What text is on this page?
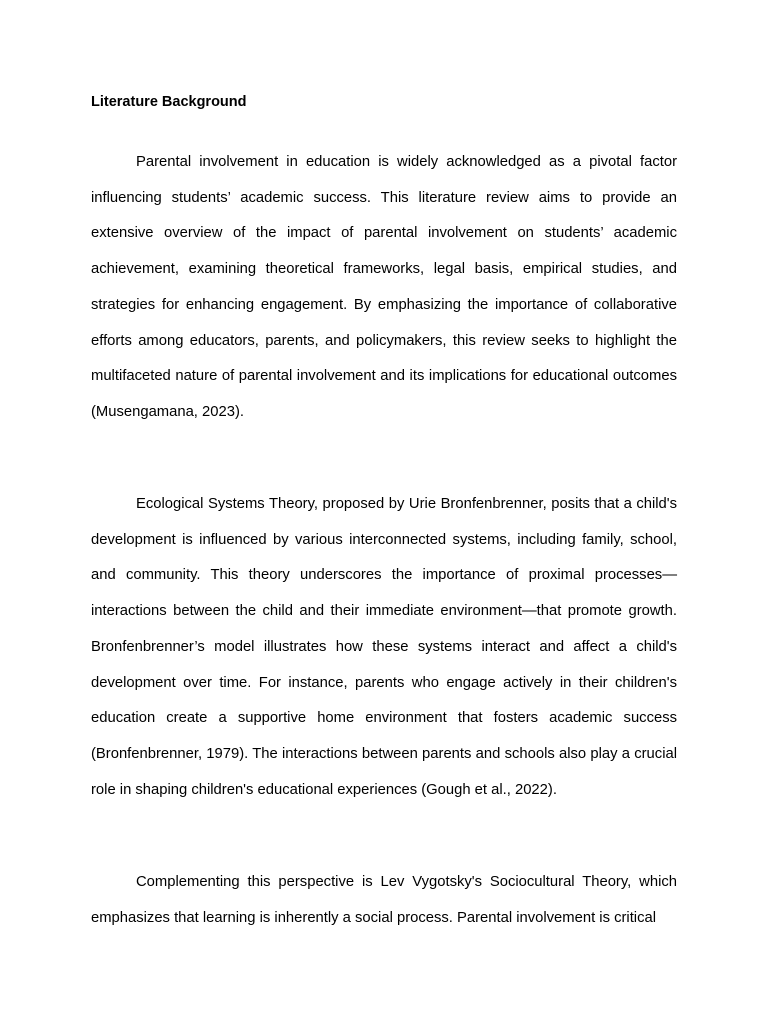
Literature Background

Parental involvement in education is widely acknowledged as a pivotal factor influencing students’ academic success. This literature review aims to provide an extensive overview of the impact of parental involvement on students’ academic achievement, examining theoretical frameworks, legal basis, empirical studies, and strategies for enhancing engagement. By emphasizing the importance of collaborative efforts among educators, parents, and policymakers, this review seeks to highlight the multifaceted nature of parental involvement and its implications for educational outcomes (Musengamana, 2023).

Ecological Systems Theory, proposed by Urie Bronfenbrenner, posits that a child's development is influenced by various interconnected systems, including family, school, and community. This theory underscores the importance of proximal processes—interactions between the child and their immediate environment—that promote growth. Bronfenbrenner’s model illustrates how these systems interact and affect a child's development over time. For instance, parents who engage actively in their children's education create a supportive home environment that fosters academic success (Bronfenbrenner, 1979). The interactions between parents and schools also play a crucial role in shaping children's educational experiences (Gough et al., 2022).

Complementing this perspective is Lev Vygotsky's Sociocultural Theory, which emphasizes that learning is inherently a social process. Parental involvement is critical
